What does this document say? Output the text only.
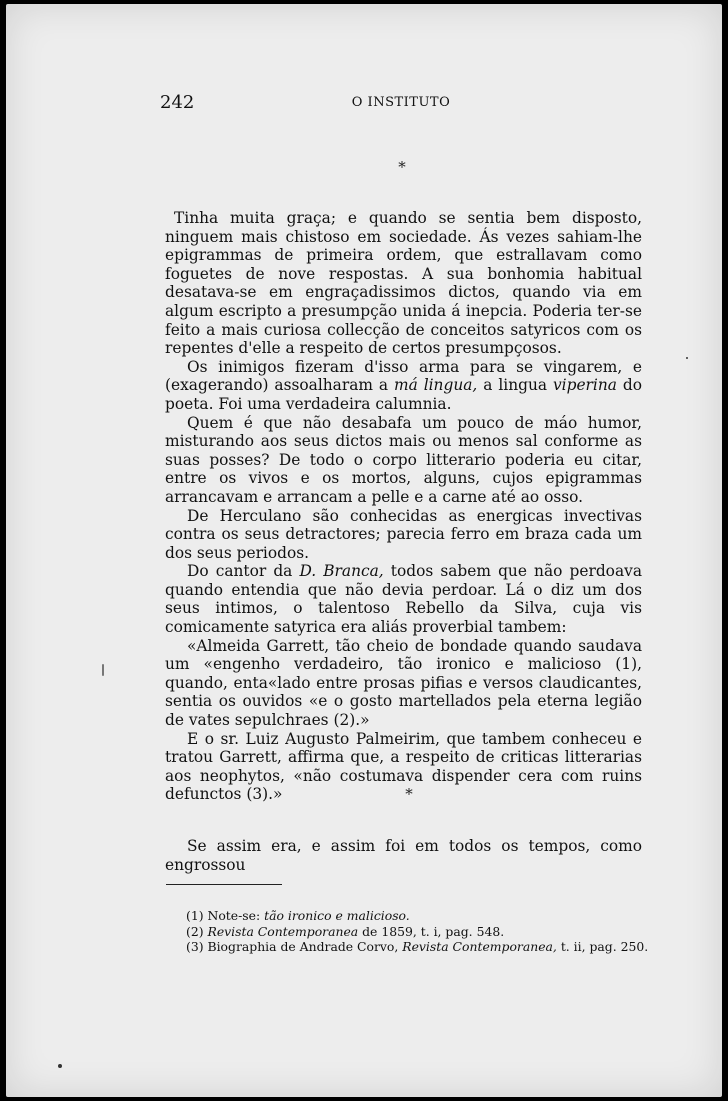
242	O INSTITUTO
*

Tinha muita graça; e quando se sentia bem disposto, ninguem mais chistoso em sociedade. Ás vezes sahiam-lhe epigrammas de primeira ordem, que estrallavam como foguetes de nove respostas. A sua bonhomia habitual desatava-se em engraçadissimos dictos, quando via em algum escripto a presumpção unida á inepcia. Poderia ter-se feito a mais curiosa collecção de conceitos satyricos com os repentes d'elle a respeito de certos presumpçosos.

Os inimigos fizeram d'isso arma para se vingarem, e (exagerando) assoalharam a má lingua, a lingua viperina do poeta. Foi uma verdadeira calumnia.

Quem é que não desabafa um pouco de máo humor, misturando aos seus dictos mais ou menos sal conforme as suas posses? De todo o corpo litterario poderia eu citar, entre os vivos e os mortos, alguns, cujos epigrammas arrancavam e arrancam a pelle e a carne até ao osso.

De Herculano são conhecidas as energicas invectivas contra os seus detractores; parecia ferro em braza cada um dos seus periodos.

Do cantor da D. Branca, todos sabem que não perdoava quando entendia que não devia perdoar. Lá o diz um dos seus intimos, o talentoso Rebello da Silva, cuja vis comicamente satyrica era aliás proverbial tambem:

«Almeida Garrett, tão cheio de bondade quando saudava um «engenho verdadeiro, tão ironico e malicioso (1), quando, enta«lado entre prosas pifias e versos claudicantes, sentia os ouvidos «e o gosto martellados pela eterna legião de vates sepulchraes (2).»

E o sr. Luiz Augusto Palmeirim, que tambem conheceu e tratou Garrett, affirma que, a respeito de criticas litterarias aos neophytos, «não costumava dispender cera com ruins defunctos (3).»	*

Se assim era, e assim foi em todos os tempos, como engrossou

(1) Note-se: tão ironico e malicioso.
(2) Revista Contemporanea de 1859, t. i, pag. 548.
(3) Biographia de Andrade Corvo, Revista Contemporanea, t. ii, pag. 250.
